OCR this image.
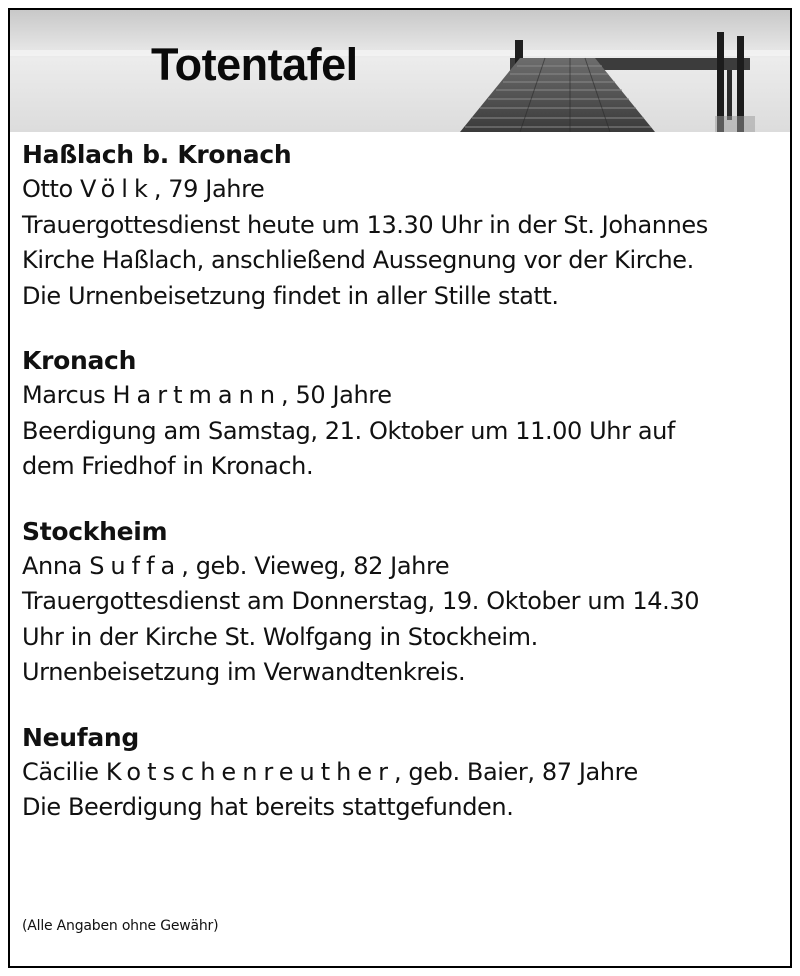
Totentafel
Haßlach b. Kronach
Otto Völk, 79 Jahre
Trauergottesdienst heute um 13.30 Uhr in der St. Johannes
Kirche Haßlach, anschließend Aussegnung vor der Kirche.
Die Urnenbeisetzung findet in aller Stille statt.
Kronach
Marcus Hartmann, 50 Jahre
Beerdigung am Samstag, 21. Oktober um 11.00 Uhr auf
dem Friedhof in Kronach.
Stockheim
Anna Suffa, geb. Vieweg, 82 Jahre
Trauergottesdienst am Donnerstag, 19. Oktober um 14.30
Uhr in der Kirche St. Wolfgang in Stockheim.
Urnenbeisetzung im Verwandtenkreis.
Neufang
Cäcilie Kotschenreuther, geb. Baier, 87 Jahre
Die Beerdigung hat bereits stattgefunden.
(Alle Angaben ohne Gewähr)
